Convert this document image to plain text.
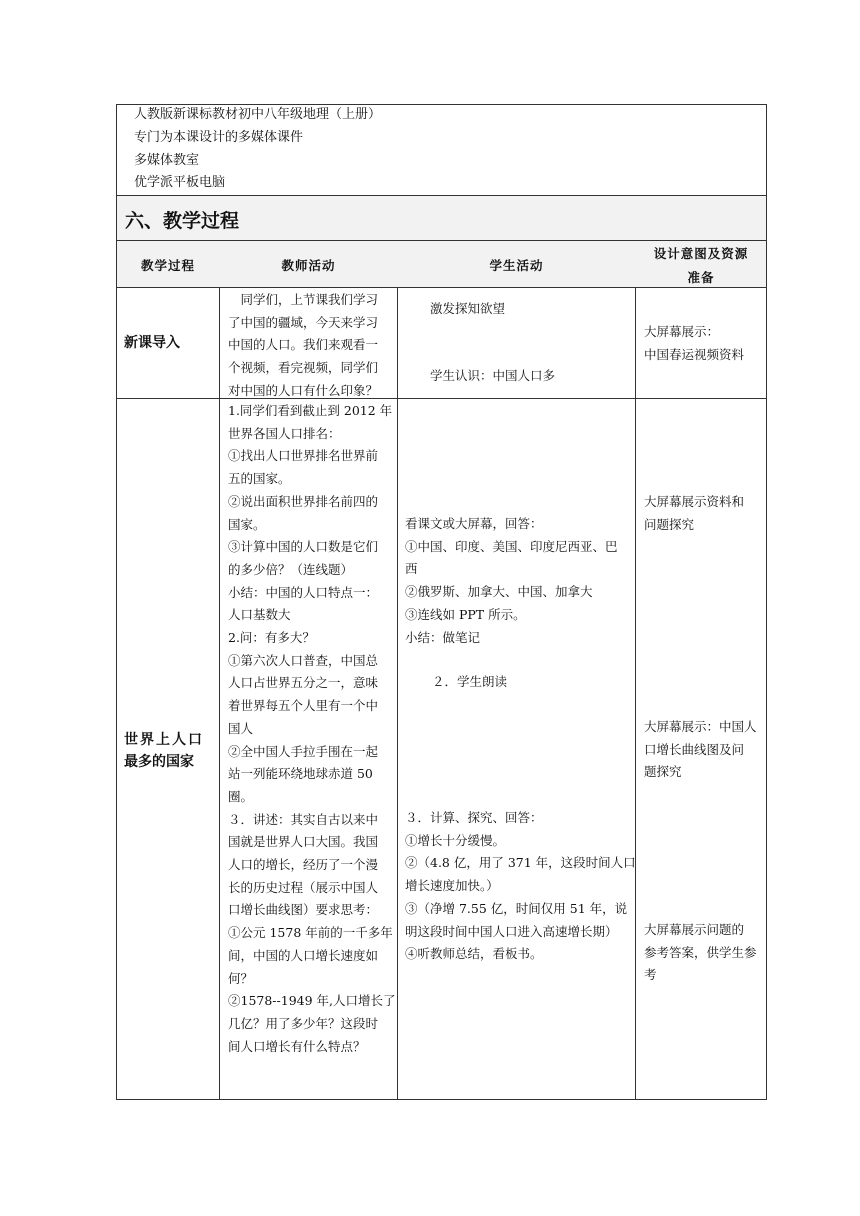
人教版新课标教材初中八年级地理（上册）
专门为本课设计的多媒体课件
多媒体教室
优学派平板电脑
六、教学过程
教学过程	教师活动	学生活动
设计意图及资源
准备
新课导入
　同学们，上节课我们学习
了中国的疆域，今天来学习
中国的人口。我们来观看一
个视频，看完视频，同学们
对中国的人口有什么印象？
激发探知欲望
学生认识：中国人口多
大屏幕展示：
中国春运视频资料
世界上人口
最多的国家
1.同学们看到截止到 2012 年
世界各国人口排名：
①找出人口世界排名世界前
五的国家。
②说出面积世界排名前四的
国家。
③计算中国的人口数是它们
的多少倍？（连线题）
小结：中国的人口特点一：
人口基数大
2.问：有多大？
①第六次人口普查，中国总
人口占世界五分之一，意味
着世界每五个人里有一个中
国人
②全中国人手拉手围在一起
站一列能环绕地球赤道 50
圈。
３．讲述：其实自古以来中
国就是世界人口大国。我国
人口的增长，经历了一个漫
长的历史过程（展示中国人
口增长曲线图）要求思考：
①公元 1578 年前的一千多年
间，中国的人口增长速度如
何？
②1578--1949 年,人口增长了
几亿？用了多少年？这段时
间人口增长有什么特点？
看课文或大屏幕，回答：
①中国、印度、美国、印度尼西亚、巴
西
②俄罗斯、加拿大、中国、加拿大
③连线如 PPT 所示。
小结：做笔记
２．学生朗读
３．计算、探究、回答：
①增长十分缓慢。
②（4.8 亿，用了 371 年，这段时间人口
增长速度加快。）
③（净增 7.55 亿，时间仅用 51 年，说
明这段时间中国人口进入高速增长期）
④听教师总结，看板书。
大屏幕展示资料和
问题探究
大屏幕展示：中国人
口增长曲线图及问
题探究
大屏幕展示问题的
参考答案，供学生参
考
